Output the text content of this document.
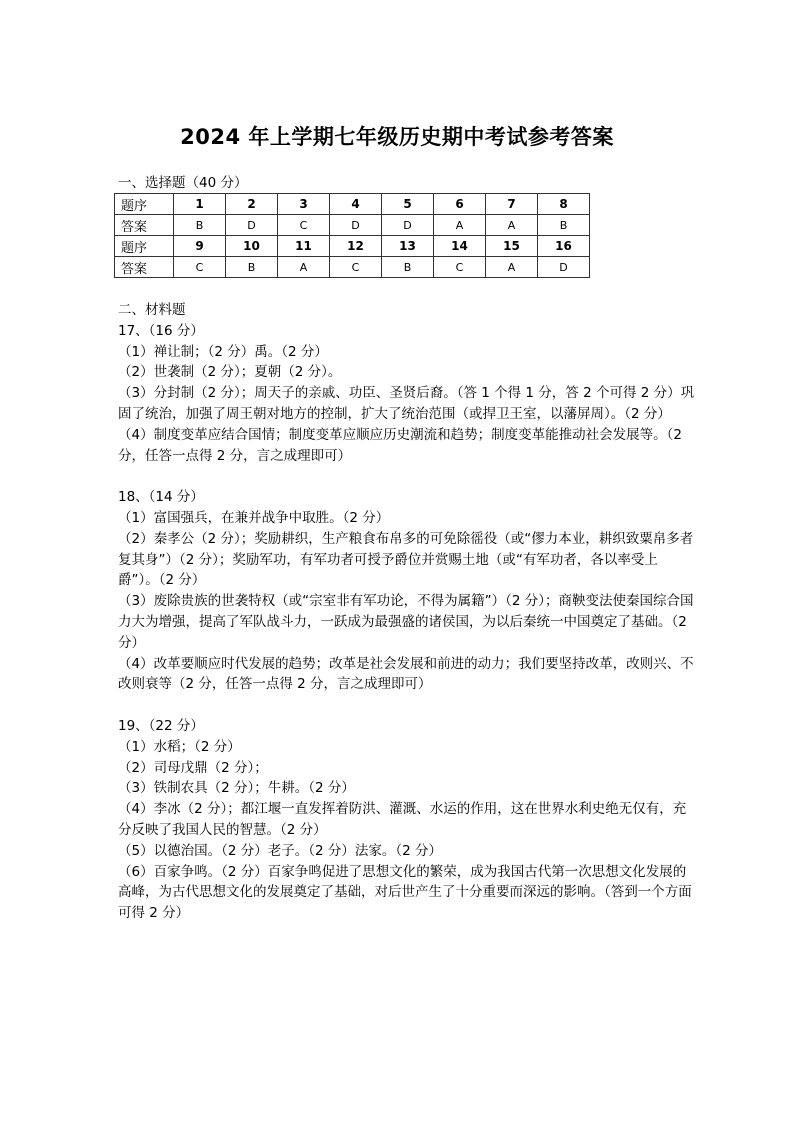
2024 年上学期七年级历史期中考试参考答案
一、选择题（40 分）
题序	1	2	3	4	5	6	7	8
答案	B	D	C	D	D	A	A	B
题序	9	10	11	12	13	14	15	16
答案	C	B	A	C	B	C	A	D

二、材料题

17、（16 分）

（1）禅让制；（2 分）禹。（2 分）

（2）世袭制（2 分）；夏朝（2 分）。

（3）分封制（2 分）；周天子的亲戚、功臣、圣贤后裔。（答 1 个得 1 分，答 2 个可得 2 分）巩固了统治，加强了周王朝对地方的控制，扩大了统治范围（或捍卫王室，以藩屏周）。（2 分）

（4）制度变革应结合国情；制度变革应顺应历史潮流和趋势；制度变革能推动社会发展等。（2 分，任答一点得 2 分，言之成理即可）

18、（14 分）

（1）富国强兵，在兼并战争中取胜。（2 分）

（2）秦孝公（2 分）；奖励耕织，生产粮食布帛多的可免除徭役（或“僇力本业，耕织致粟帛多者复其身”）（2 分）；奖励军功，有军功者可授予爵位并赏赐土地（或“有军功者，各以率受上爵”）。（2 分）

（3）废除贵族的世袭特权（或“宗室非有军功论，不得为属籍”）（2 分）；商鞅变法使秦国综合国力大为增强，提高了军队战斗力，一跃成为最强盛的诸侯国，为以后秦统一中国奠定了基础。（2 分）

（4）改革要顺应时代发展的趋势；改革是社会发展和前进的动力；我们要坚持改革，改则兴、不改则衰等（2 分，任答一点得 2 分，言之成理即可）

19、（22 分）

（1）水稻；（2 分）

（2）司母戊鼎（2 分）；

（3）铁制农具（2 分）；牛耕。（2 分）

（4）李冰（2 分）；都江堰一直发挥着防洪、灌溉、水运的作用，这在世界水利史绝无仅有，充分反映了我国人民的智慧。（2 分）

（5）以德治国。（2 分）老子。（2 分）法家。（2 分）

（6）百家争鸣。（2 分）百家争鸣促进了思想文化的繁荣，成为我国古代第一次思想文化发展的高峰，为古代思想文化的发展奠定了基础，对后世产生了十分重要而深远的影响。（答到一个方面可得 2 分）
